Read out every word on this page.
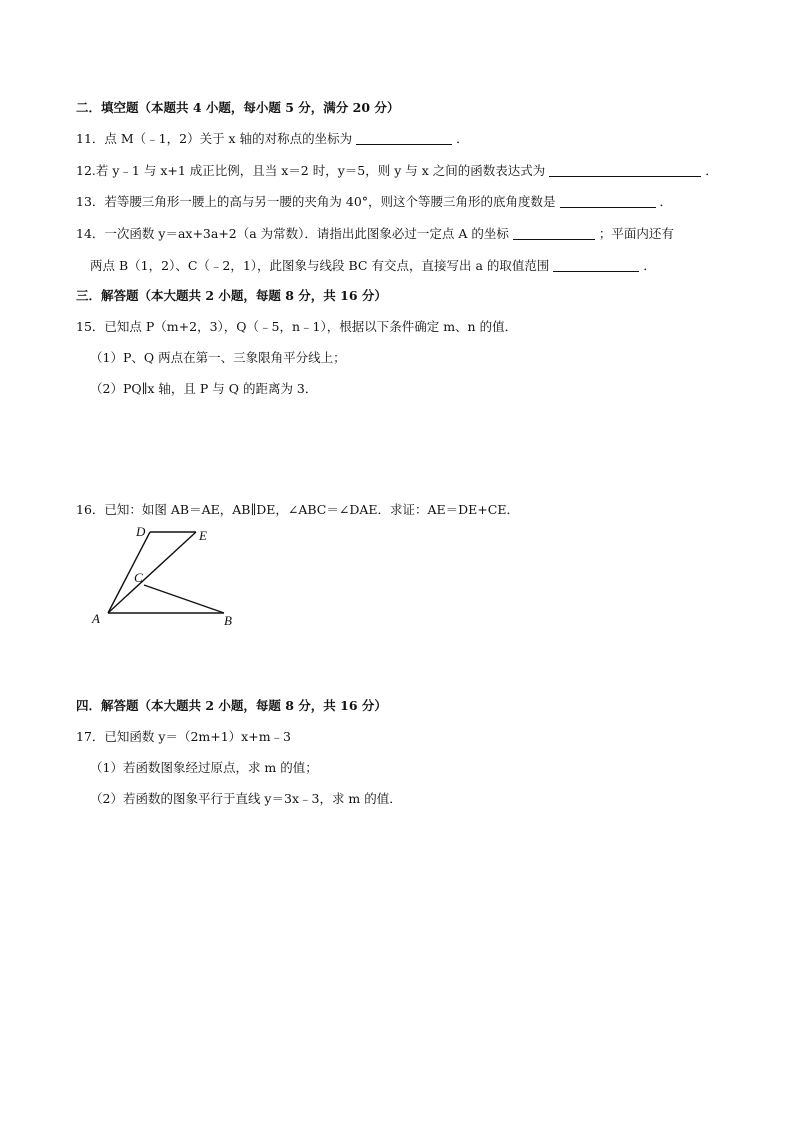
二．填空题（本题共 4 小题，每小题 5 分，满分 20 分）
11．点 M（﹣1，2）关于 x 轴的对称点的坐标为	．
12.若 y﹣1 与 x+1 成正比例，且当 x＝2 时，y＝5，则 y 与 x 之间的函数表达式为	．
13．若等腰三角形一腰上的高与另一腰的夹角为 40°，则这个等腰三角形的底角度数是	．
14．一次函数 y＝ax+3a+2（a 为常数）．请指出此图象必过一定点 A 的坐标	；平面内还有
两点 B（1，2）、C（﹣2，1），此图象与线段 BC 有交点，直接写出 a 的取值范围	．
三．解答题（本大题共 2 小题，每题 8 分，共 16 分）
15．已知点 P（m+2，3），Q（﹣5，n﹣1），根据以下条件确定 m、n 的值．
（1）P、Q 两点在第一、三象限角平分线上；
（2）PQ∥x 轴，且 P 与 Q 的距离为 3．
16．已知：如图 AB＝AE，AB∥DE，∠ABC＝∠DAE．求证：AE＝DE+CE．
D	E
C
A	B
四．解答题（本大题共 2 小题，每题 8 分，共 16 分）
17．已知函数 y＝（2m+1）x+m﹣3
（1）若函数图象经过原点，求 m 的值；
（2）若函数的图象平行于直线 y＝3x﹣3，求 m 的值．
